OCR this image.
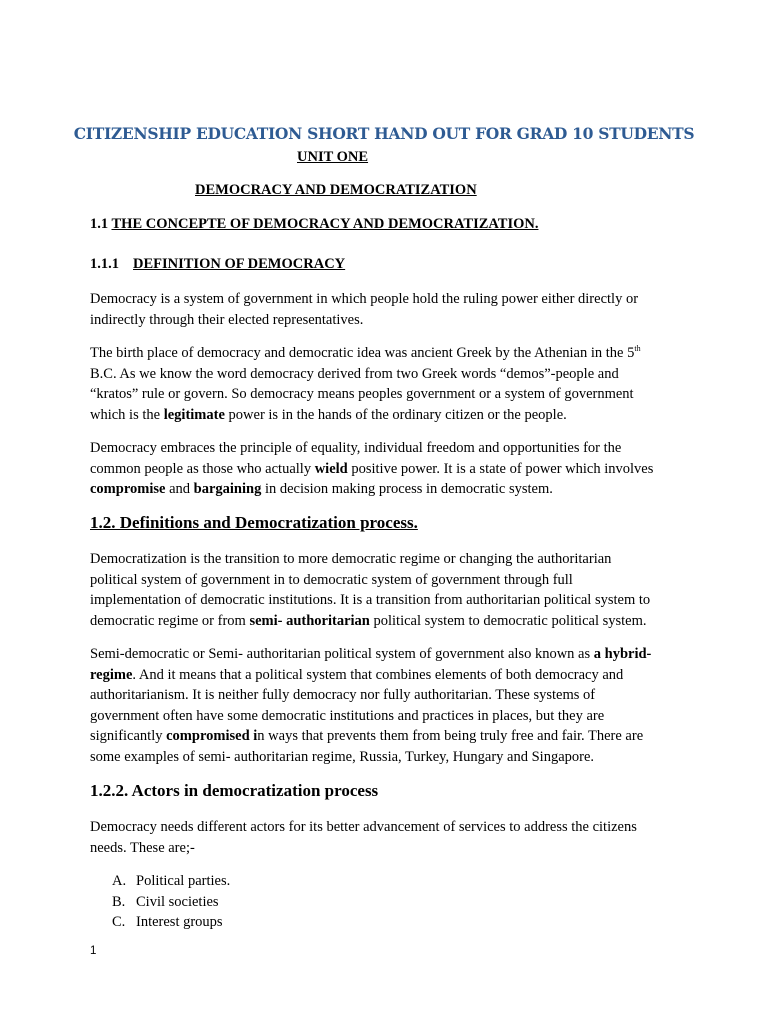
CITIZENSHIP EDUCATION SHORT HAND OUT FOR GRAD 10 STUDENTS
UNIT ONE
DEMOCRACY AND DEMOCRATIZATION
1.1 THE CONCEPTE OF DEMOCRACY AND DEMOCRATIZATION.
1.1.1 DEFINITION OF DEMOCRACY

Democracy is a system of government in which people hold the ruling power either directly or

indirectly through their elected representatives.

The birth place of democracy and democratic idea was ancient Greek by the Athenian in the 5th

B.C. As we know the word democracy derived from two Greek words “demos”-people and

“kratos” rule or govern. So democracy means peoples government or a system of government

which is the legitimate power is in the hands of the ordinary citizen or the people.

Democracy embraces the principle of equality, individual freedom and opportunities for the

common people as those who actually wield positive power. It is a state of power which involves

compromise and bargaining in decision making process in democratic system.

1.2. Definitions and Democratization process.

Democratization is the transition to more democratic regime or changing the authoritarian

political system of government in to democratic system of government through full

implementation of democratic institutions. It is a transition from authoritarian political system to

democratic regime or from semi- authoritarian political system to democratic political system.

Semi-democratic or Semi- authoritarian political system of government also known as a hybrid-

regime. And it means that a political system that combines elements of both democracy and

authoritarianism. It is neither fully democracy nor fully authoritarian. These systems of

government often have some democratic institutions and practices in places, but they are

significantly compromised in ways that prevents them from being truly free and fair. There are

some examples of semi- authoritarian regime, Russia, Turkey, Hungary and Singapore.

1.2.2. Actors in democratization process

Democracy needs different actors for its better advancement of services to address the citizens

needs. These are;-

A. Political parties.
B. Civil societies
C. Interest groups
1
